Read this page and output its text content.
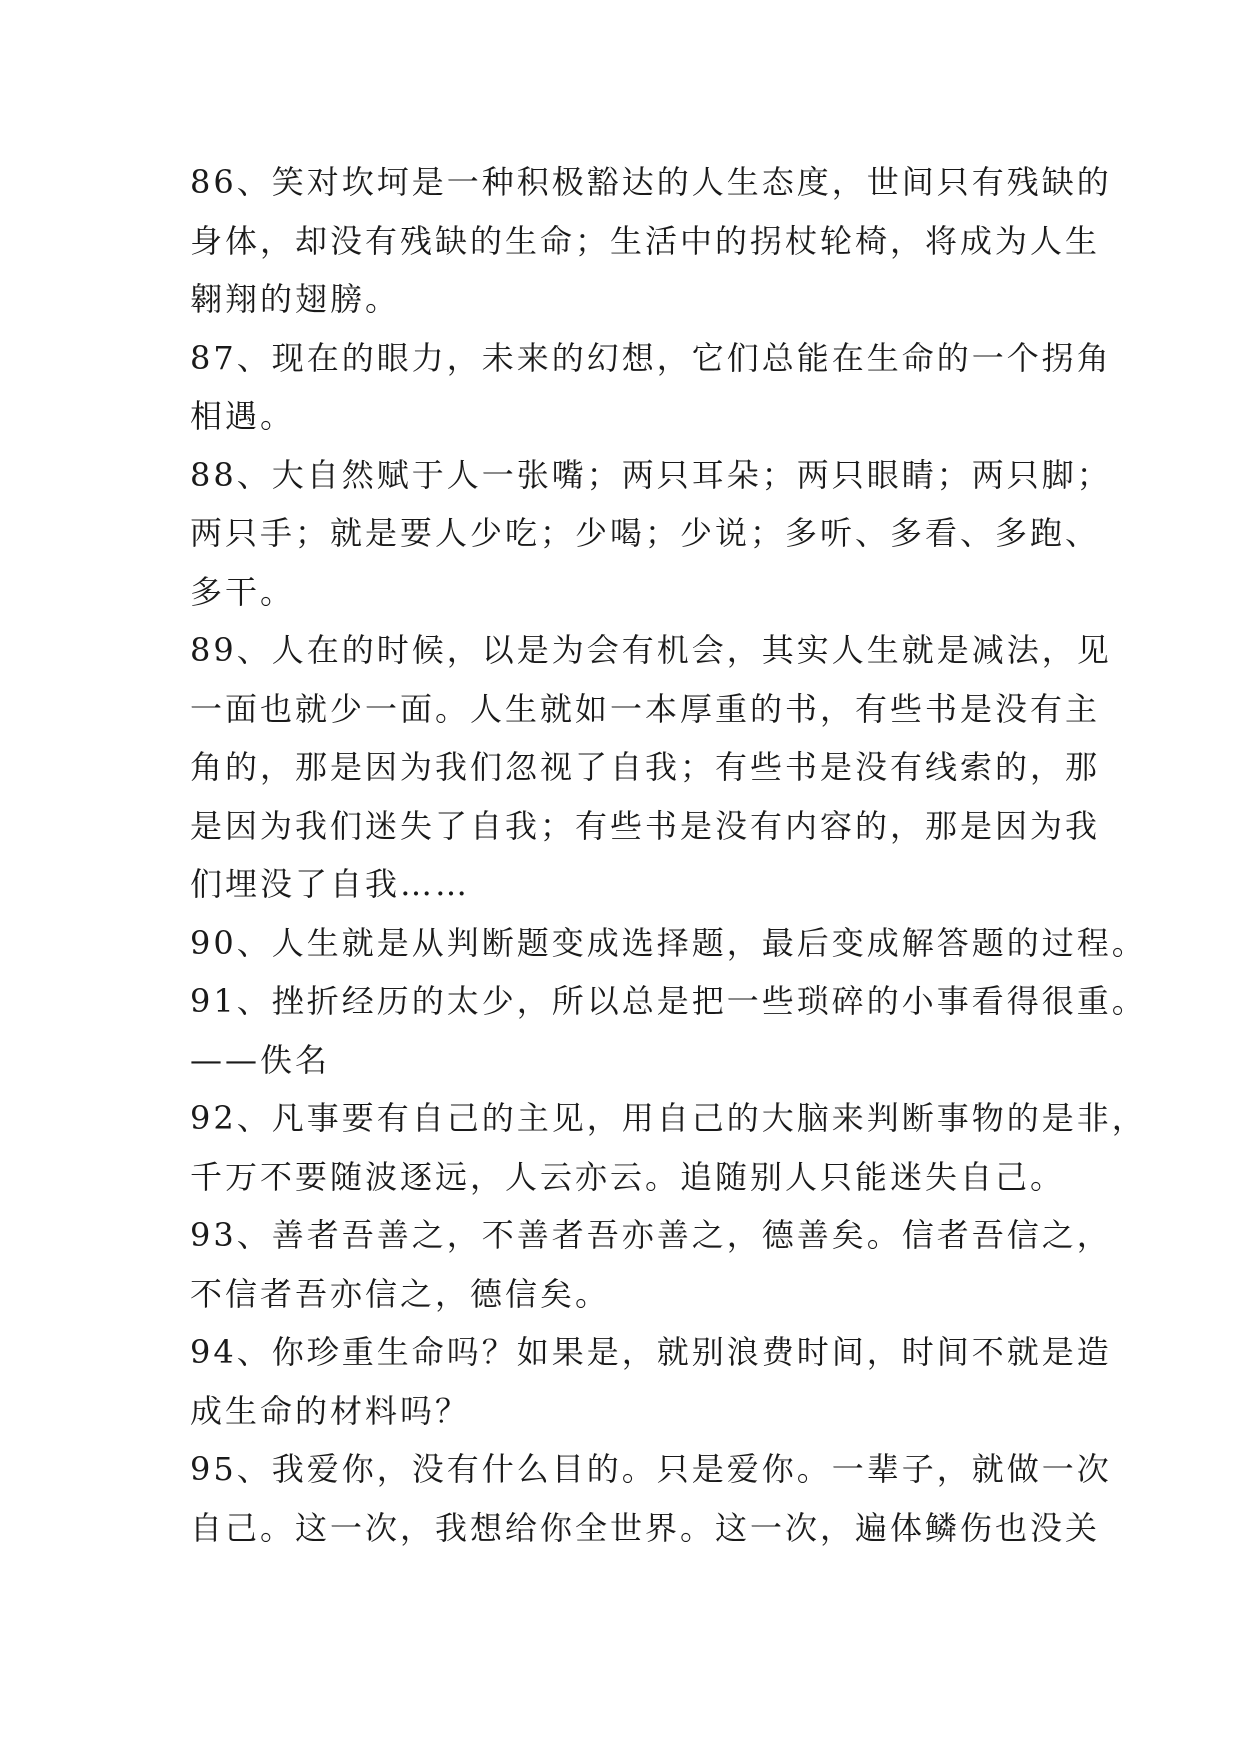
86、笑对坎坷是一种积极豁达的人生态度，世间只有残缺的
身体，却没有残缺的生命；生活中的拐杖轮椅，将成为人生
翱翔的翅膀。
87、现在的眼力，未来的幻想，它们总能在生命的一个拐角
相遇。
88、大自然赋于人一张嘴；两只耳朵；两只眼睛；两只脚；
两只手；就是要人少吃；少喝；少说；多听、多看、多跑、
多干。
89、人在的时候，以是为会有机会，其实人生就是减法，见
一面也就少一面。人生就如一本厚重的书，有些书是没有主
角的，那是因为我们忽视了自我；有些书是没有线索的，那
是因为我们迷失了自我；有些书是没有内容的，那是因为我
们埋没了自我……
90、人生就是从判断题变成选择题，最后变成解答题的过程。
91、挫折经历的太少，所以总是把一些琐碎的小事看得很重。
——佚名
92、凡事要有自己的主见，用自己的大脑来判断事物的是非，
千万不要随波逐远，人云亦云。追随别人只能迷失自己。
93、善者吾善之，不善者吾亦善之，德善矣。信者吾信之，
不信者吾亦信之，德信矣。
94、你珍重生命吗？如果是，就别浪费时间，时间不就是造
成生命的材料吗？
95、我爱你，没有什么目的。只是爱你。一辈子，就做一次
自己。这一次，我想给你全世界。这一次，遍体鳞伤也没关
